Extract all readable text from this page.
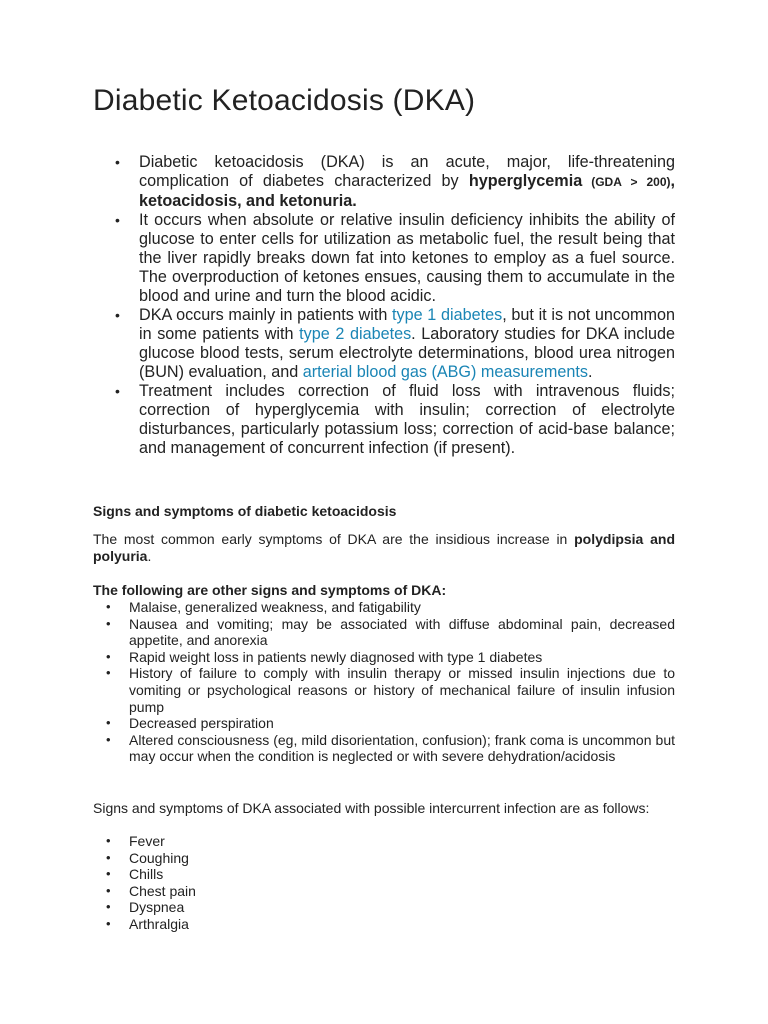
Diabetic Ketoacidosis (DKA)
• Diabetic ketoacidosis (DKA) is an acute, major, life-threatening complication of diabetes characterized by hyperglycemia (GDA > 200), ketoacidosis, and ketonuria.
• It occurs when absolute or relative insulin deficiency inhibits the ability of glucose to enter cells for utilization as metabolic fuel, the result being that the liver rapidly breaks down fat into ketones to employ as a fuel source. The overproduction of ketones ensues, causing them to accumulate in the blood and urine and turn the blood acidic.
• DKA occurs mainly in patients with type 1 diabetes, but it is not uncommon in some patients with type 2 diabetes. Laboratory studies for DKA include glucose blood tests, serum electrolyte determinations, blood urea nitrogen (BUN) evaluation, and arterial blood gas (ABG) measurements.
• Treatment includes correction of fluid loss with intravenous fluids; correction of hyperglycemia with insulin; correction of electrolyte disturbances, particularly potassium loss; correction of acid-base balance; and management of concurrent infection (if present).
Signs and symptoms of diabetic ketoacidosis
The most common early symptoms of DKA are the insidious increase in polydipsia and polyuria.
The following are other signs and symptoms of DKA:
• Malaise, generalized weakness, and fatigability
• Nausea and vomiting; may be associated with diffuse abdominal pain, decreased appetite, and anorexia
• Rapid weight loss in patients newly diagnosed with type 1 diabetes
• History of failure to comply with insulin therapy or missed insulin injections due to vomiting or psychological reasons or history of mechanical failure of insulin infusion pump
• Decreased perspiration
• Altered consciousness (eg, mild disorientation, confusion); frank coma is uncommon but may occur when the condition is neglected or with severe dehydration/acidosis
Signs and symptoms of DKA associated with possible intercurrent infection are as follows:
• Fever
• Coughing
• Chills
• Chest pain
• Dyspnea
• Arthralgia
